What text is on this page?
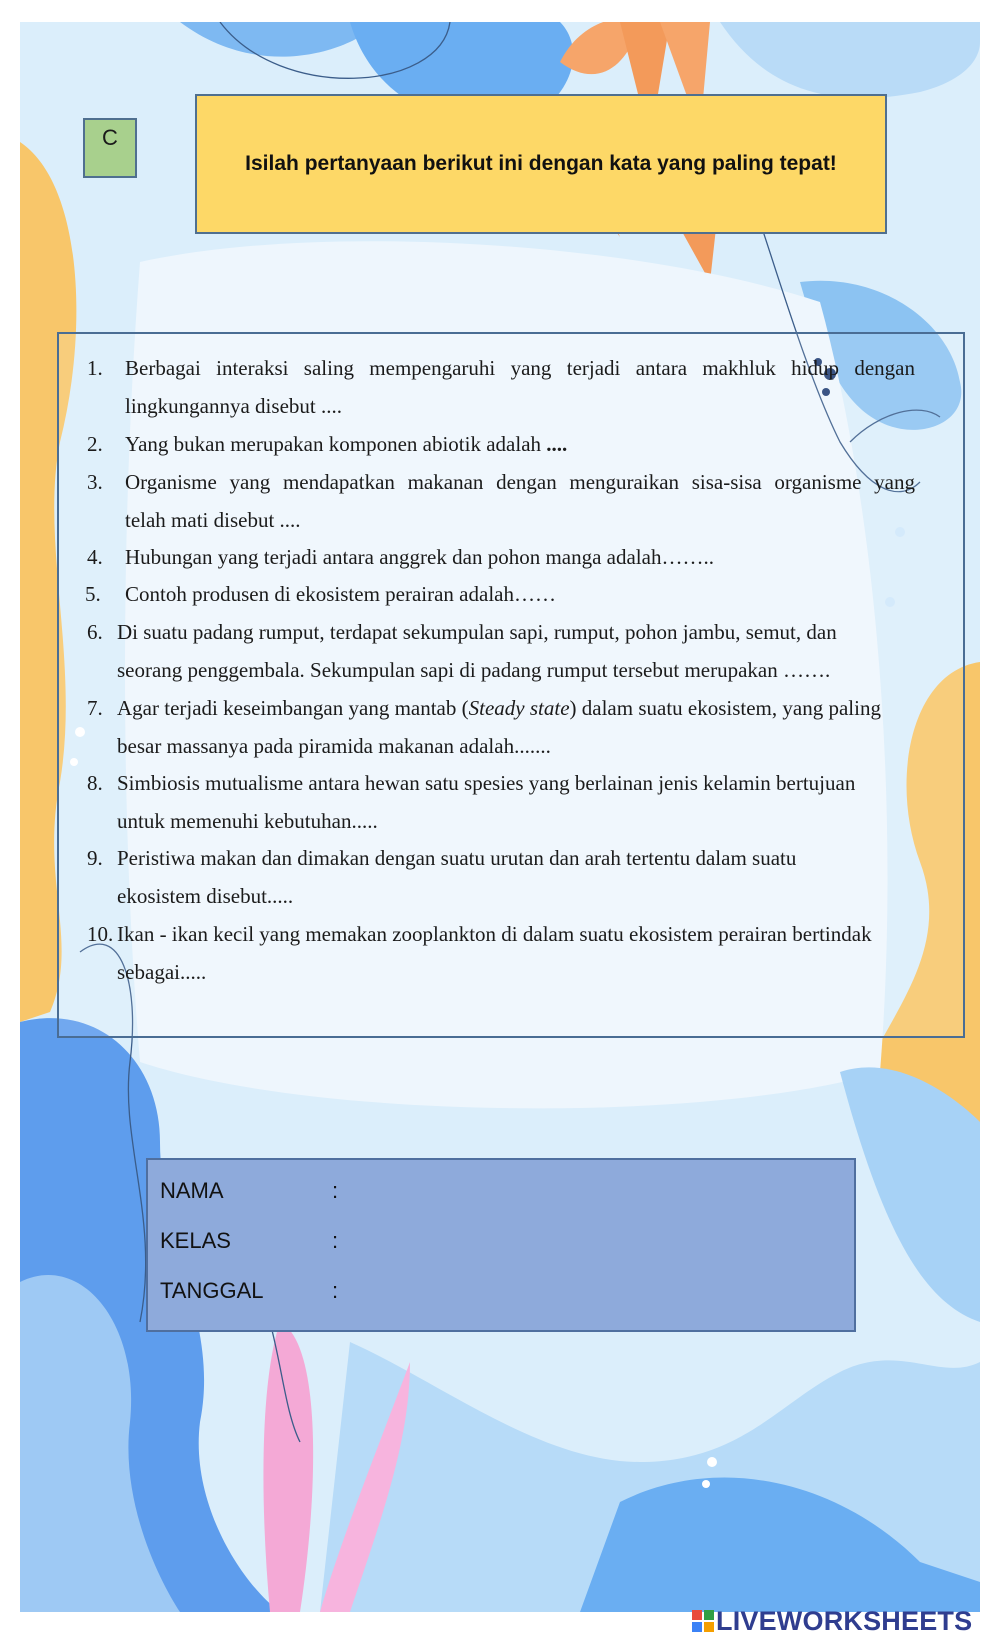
C
Isilah pertanyaan berikut ini dengan kata yang paling tepat!
1. Berbagai interaksi saling mempengaruhi yang terjadi antara makhluk hidup dengan
lingkungannya disebut ....
2. Yang bukan merupakan komponen abiotik adalah ....
3. Organisme yang mendapatkan makanan dengan menguraikan sisa-sisa organisme yang
telah mati disebut ....
4. Hubungan yang terjadi antara anggrek dan pohon manga adalah……..
5. Contoh produsen di ekosistem perairan adalah……
6. Di suatu padang rumput, terdapat sekumpulan sapi, rumput, pohon jambu, semut, dan
seorang penggembala. Sekumpulan sapi di padang rumput tersebut merupakan …….
7. Agar terjadi keseimbangan yang mantab (Steady state) dalam suatu ekosistem, yang paling
besar massanya pada piramida makanan adalah.......
8. Simbiosis mutualisme antara hewan satu spesies yang berlainan jenis kelamin bertujuan
untuk memenuhi kebutuhan.....
9. Peristiwa makan dan dimakan dengan suatu urutan dan arah tertentu dalam suatu
ekosistem disebut.....
10. Ikan - ikan kecil yang memakan zooplankton di dalam suatu ekosistem perairan bertindak
sebagai.....
NAMA	:
KELAS	:
TANGGAL	:
LIVEWORKSHEETS
